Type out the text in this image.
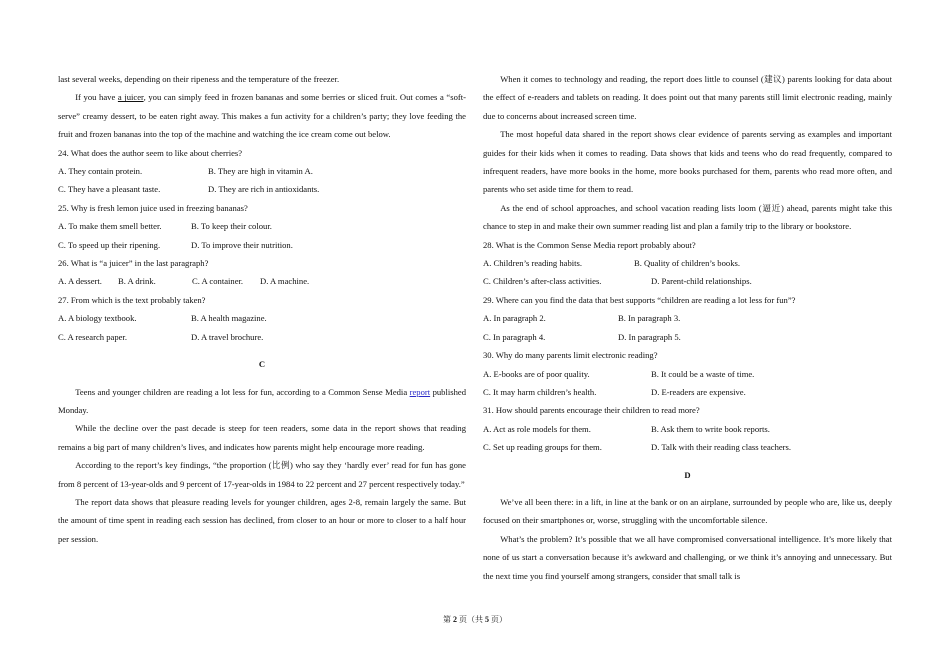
last several weeks, depending on their ripeness and the temperature of the freezer.

If you have a juicer, you can simply feed in frozen bananas and some berries or sliced fruit. Out comes a “soft-serve” creamy dessert, to be eaten right away. This makes a fun activity for a children’s party; they love feeding the fruit and frozen bananas into the top of the machine and watching the ice cream come out below.

24. What does the author seem to like about cherries?

A. They contain protein.	B. They are high in vitamin A.

C. They have a pleasant taste.	D. They are rich in antioxidants.

25. Why is fresh lemon juice used in freezing bananas?

A. To make them smell better.	B. To keep their colour.

C. To speed up their ripening.	D. To improve their nutrition.

26. What is “a juicer” in the last paragraph?

A. A dessert.	B. A drink.	C. A container.	D. A machine.

27. From which is the text probably taken?

A. A biology textbook.	B. A health magazine.

C. A research paper.	D. A travel brochure.

C

Teens and younger children are reading a lot less for fun, according to a Common Sense Media report published Monday.

While the decline over the past decade is steep for teen readers, some data in the report shows that reading remains a big part of many children’s lives, and indicates how parents might help encourage more reading.

According to the report’s key findings, “the proportion (比例) who say they ‘hardly ever’ read for fun has gone from 8 percent of 13-year-olds and 9 percent of 17-year-olds in 1984 to 22 percent and 27 percent respectively today.”

The report data shows that pleasure reading levels for younger children, ages 2-8, remain largely the same. But the amount of time spent in reading each session has declined, from closer to an hour or more to closer to a half hour per session.

When it comes to technology and reading, the report does little to counsel (建议) parents looking for data about the effect of e-readers and tablets on reading. It does point out that many parents still limit electronic reading, mainly due to concerns about increased screen time.

The most hopeful data shared in the report shows clear evidence of parents serving as examples and important guides for their kids when it comes to reading. Data shows that kids and teens who do read frequently, compared to infrequent readers, have more books in the home, more books purchased for them, parents who read more often, and parents who set aside time for them to read.

As the end of school approaches, and school vacation reading lists loom (逼近) ahead, parents might take this chance to step in and make their own summer reading list and plan a family trip to the library or bookstore.

28. What is the Common Sense Media report probably about?

A. Children’s reading habits.	B. Quality of children’s books.

C. Children’s after-class activities.	D. Parent-child relationships.

29. Where can you find the data that best supports “children are reading a lot less for fun”?

A. In paragraph 2.	B. In paragraph 3.

C. In paragraph 4.	D. In paragraph 5.

30. Why do many parents limit electronic reading?

A. E-books are of poor quality.	B. It could be a waste of time.

C. It may harm children’s health.	D. E-readers are expensive.

31. How should parents encourage their children to read more?

A. Act as role models for them.	B. Ask them to write book reports.

C. Set up reading groups for them.	D. Talk with their reading class teachers.

D

We’ve all been there: in a lift, in line at the bank or on an airplane, surrounded by people who are, like us, deeply focused on their smartphones or, worse, struggling with the uncomfortable silence.

What’s the problem? It’s possible that we all have compromised conversational intelligence. It’s more likely that none of us start a conversation because it’s awkward and challenging, or we think it’s annoying and unnecessary. But the next time you find yourself among strangers, consider that small talk is

第 2 页（共 5 页）
